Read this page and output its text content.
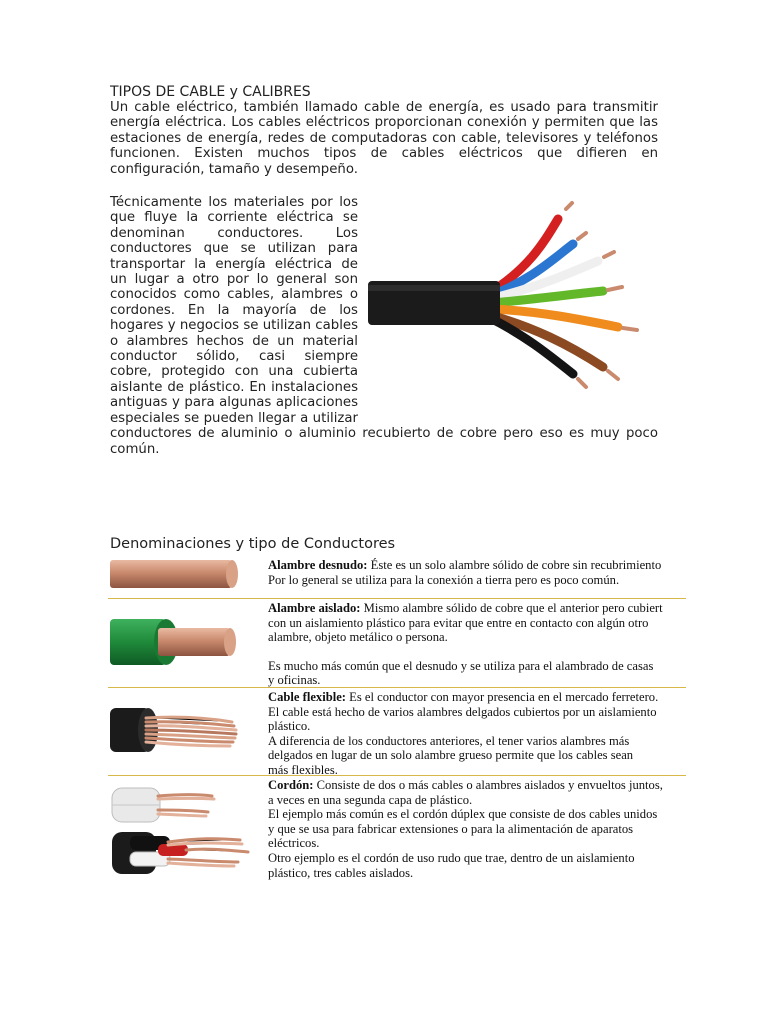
TIPOS DE CABLE y CALIBRES
Un cable eléctrico, también llamado cable de energía, es usado para transmitir energía eléctrica. Los cables eléctricos proporcionan conexión y permiten que las estaciones de energía, redes de computadoras con cable, televisores y teléfonos funcionen. Existen muchos tipos de cables eléctricos que difieren en configuración, tamaño y desempeño.
Técnicamente los materiales por los que fluye la corriente eléctrica se denominan conductores. Los conductores que se utilizan para transportar la energía eléctrica de un lugar a otro por lo general son conocidos como cables, alambres o cordones. En la mayoría de los hogares y negocios se utilizan cables o alambres hechos de un material conductor sólido, casi siempre cobre, protegido con una cubierta aislante de plástico. En instalaciones antiguas y para algunas aplicaciones especiales se pueden llegar a utilizar conductores de aluminio o aluminio recubierto de cobre pero eso es muy poco común.
Denominaciones y tipo de Conductores
Alambre desnudo: Éste es un solo alambre sólido de cobre sin recubrimiento
Por lo general se utiliza para la conexión a tierra pero es poco común.
Alambre aislado: Mismo alambre sólido de cobre que el anterior pero cubiert
con un aislamiento plástico para evitar que entre en contacto con algún otro
alambre, objeto metálico o persona.

Es mucho más común que el desnudo y se utiliza para el alambrado de casas
y oficinas.
Cable flexible: Es el conductor con mayor presencia en el mercado ferretero.
El cable está hecho de varios alambres delgados cubiertos por un aislamiento
plástico.
A diferencia de los conductores anteriores, el tener varios alambres más
delgados en lugar de un solo alambre grueso permite que los cables sean
más flexibles.
Cordón: Consiste de dos o más cables o alambres aislados y envueltos juntos,
a veces en una segunda capa de plástico.
El ejemplo más común es el cordón dúplex que consiste de dos cables unidos
y que se usa para fabricar extensiones o para la alimentación de aparatos
eléctricos.
Otro ejemplo es el cordón de uso rudo que trae, dentro de un aislamiento
plástico, tres cables aislados.
